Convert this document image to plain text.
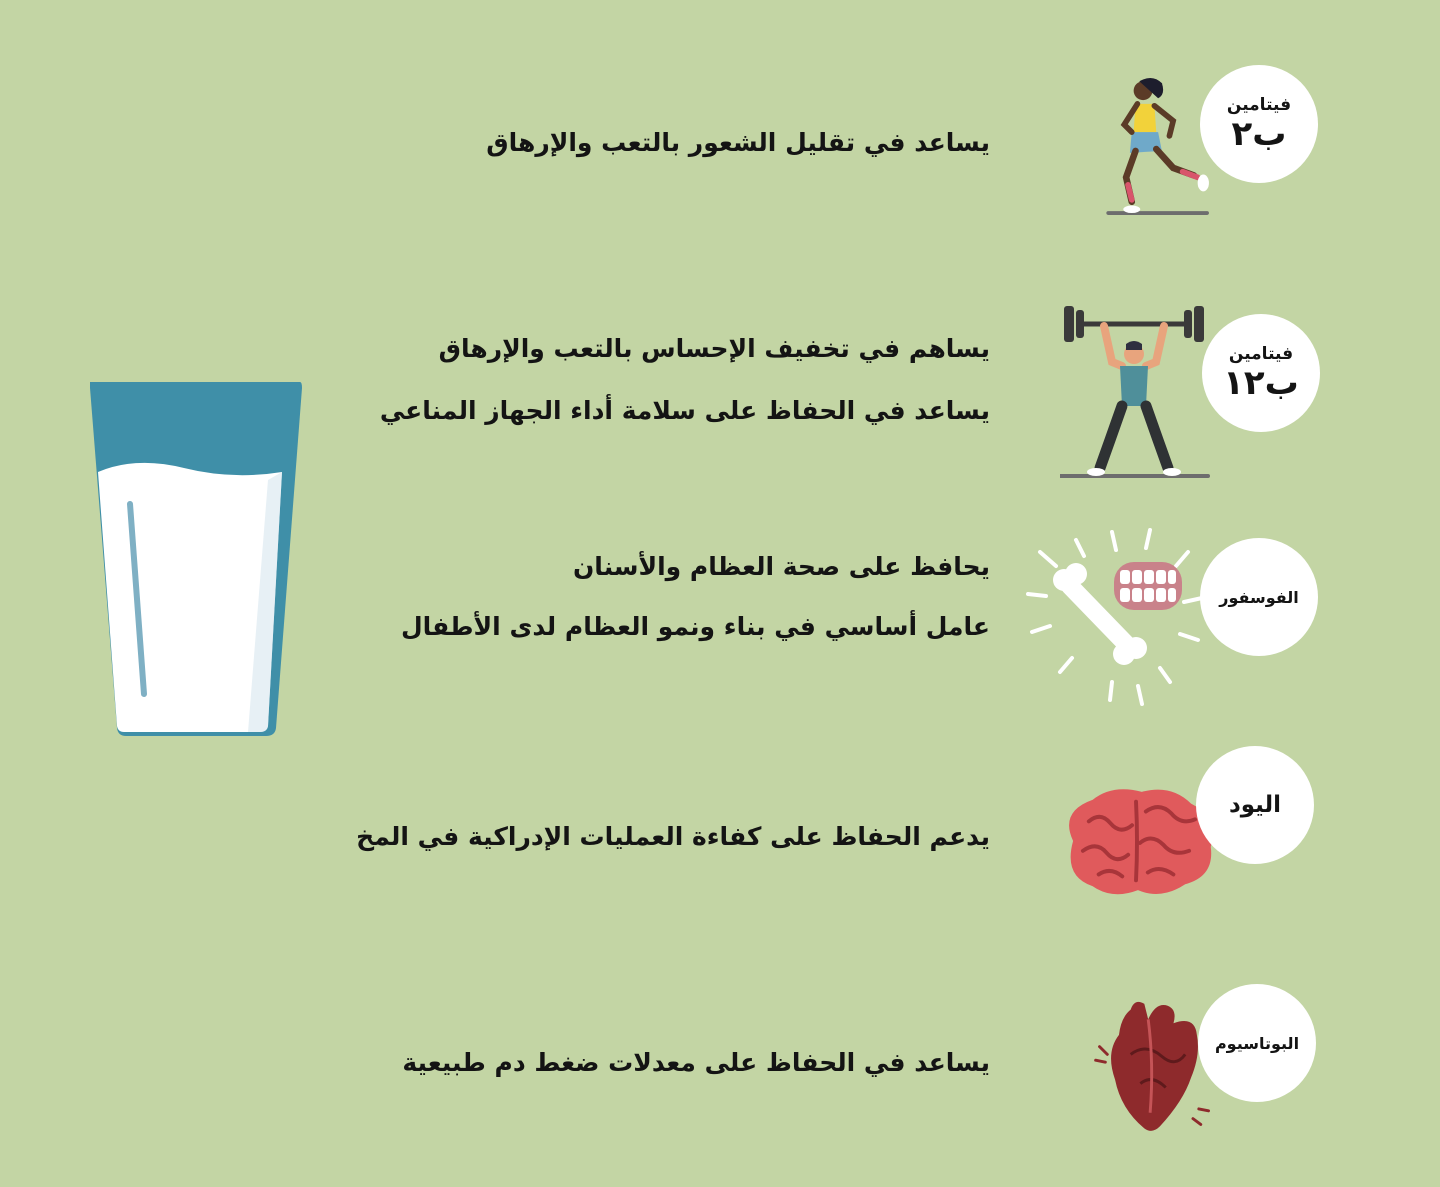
يساعد في تقليل الشعور بالتعب والإرهاق

فيتامين
ب٢

يساهم في تخفيف الإحساس بالتعب والإرهاق

يساعد في الحفاظ على سلامة أداء الجهاز المناعي

فيتامين
ب١٢

يحافظ على صحة العظام والأسنان

عامل أساسي في بناء ونمو العظام لدى الأطفال

الفوسفور

يدعم الحفاظ على كفاءة العمليات الإدراكية في المخ

اليود

يساعد في الحفاظ على معدلات ضغط دم طبيعية

البوتاسيوم
